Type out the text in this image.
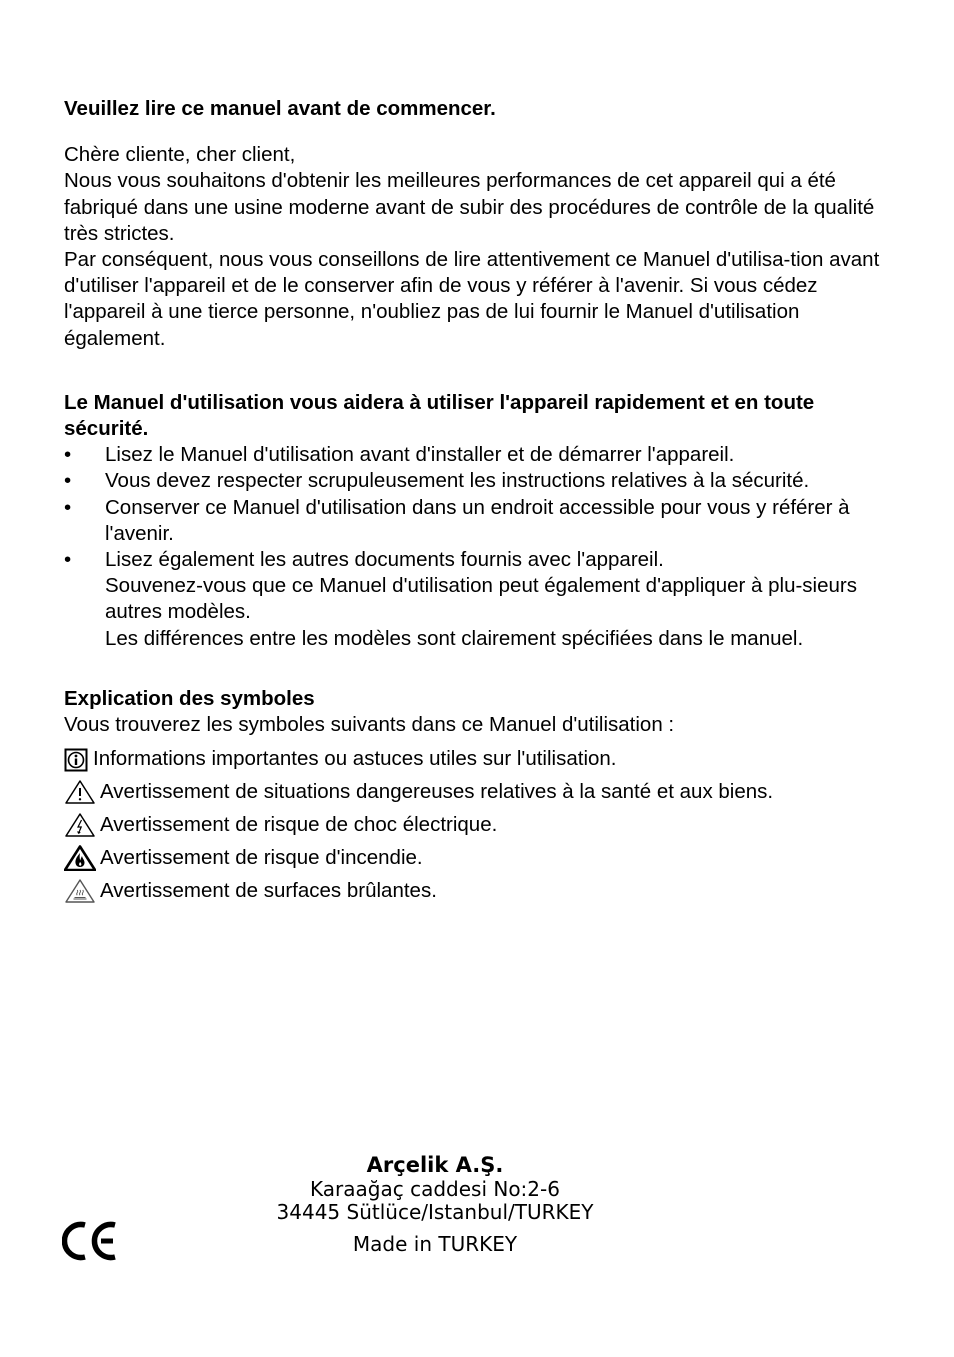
Veuillez lire ce manuel avant de commencer.

Chère cliente, cher client,

Nous vous souhaitons d'obtenir les meilleures performances de cet appareil qui a été fabriqué dans une usine moderne avant de subir des procédures de contrôle de la qualité très strictes.

Par conséquent, nous vous conseillons de lire attentivement ce Manuel d'utilisa-tion avant d'utiliser l'appareil et de le conserver afin de vous y référer à l'avenir. Si vous cédez l'appareil à une tierce personne, n'oubliez pas de lui fournir le Manuel d'utilisation également.

Le Manuel d'utilisation vous aidera à utiliser l'appareil rapidement et en toute sécurité.

• Lisez le Manuel d'utilisation avant d'installer et de démarrer l'appareil.
• Vous devez respecter scrupuleusement les instructions relatives à la sécurité.
• Conserver ce Manuel d'utilisation dans un endroit accessible pour vous y référer à l'avenir.
• Lisez également les autres documents fournis avec l'appareil.
Souvenez-vous que ce Manuel d'utilisation peut également d'appliquer à plu-sieurs autres modèles.
Les différences entre les modèles sont clairement spécifiées dans le manuel.

Explication des symboles

Vous trouverez les symboles suivants dans ce Manuel d'utilisation :

Informations importantes ou astuces utiles sur l'utilisation.
Avertissement de situations dangereuses relatives à la santé et aux biens.
Avertissement de risque de choc électrique.
Avertissement de risque d'incendie.
Avertissement de surfaces brûlantes.
Arçelik A.Ş.
Karaağaç caddesi No:2-6
34445 Sütlüce/Istanbul/TURKEY
Made in TURKEY
